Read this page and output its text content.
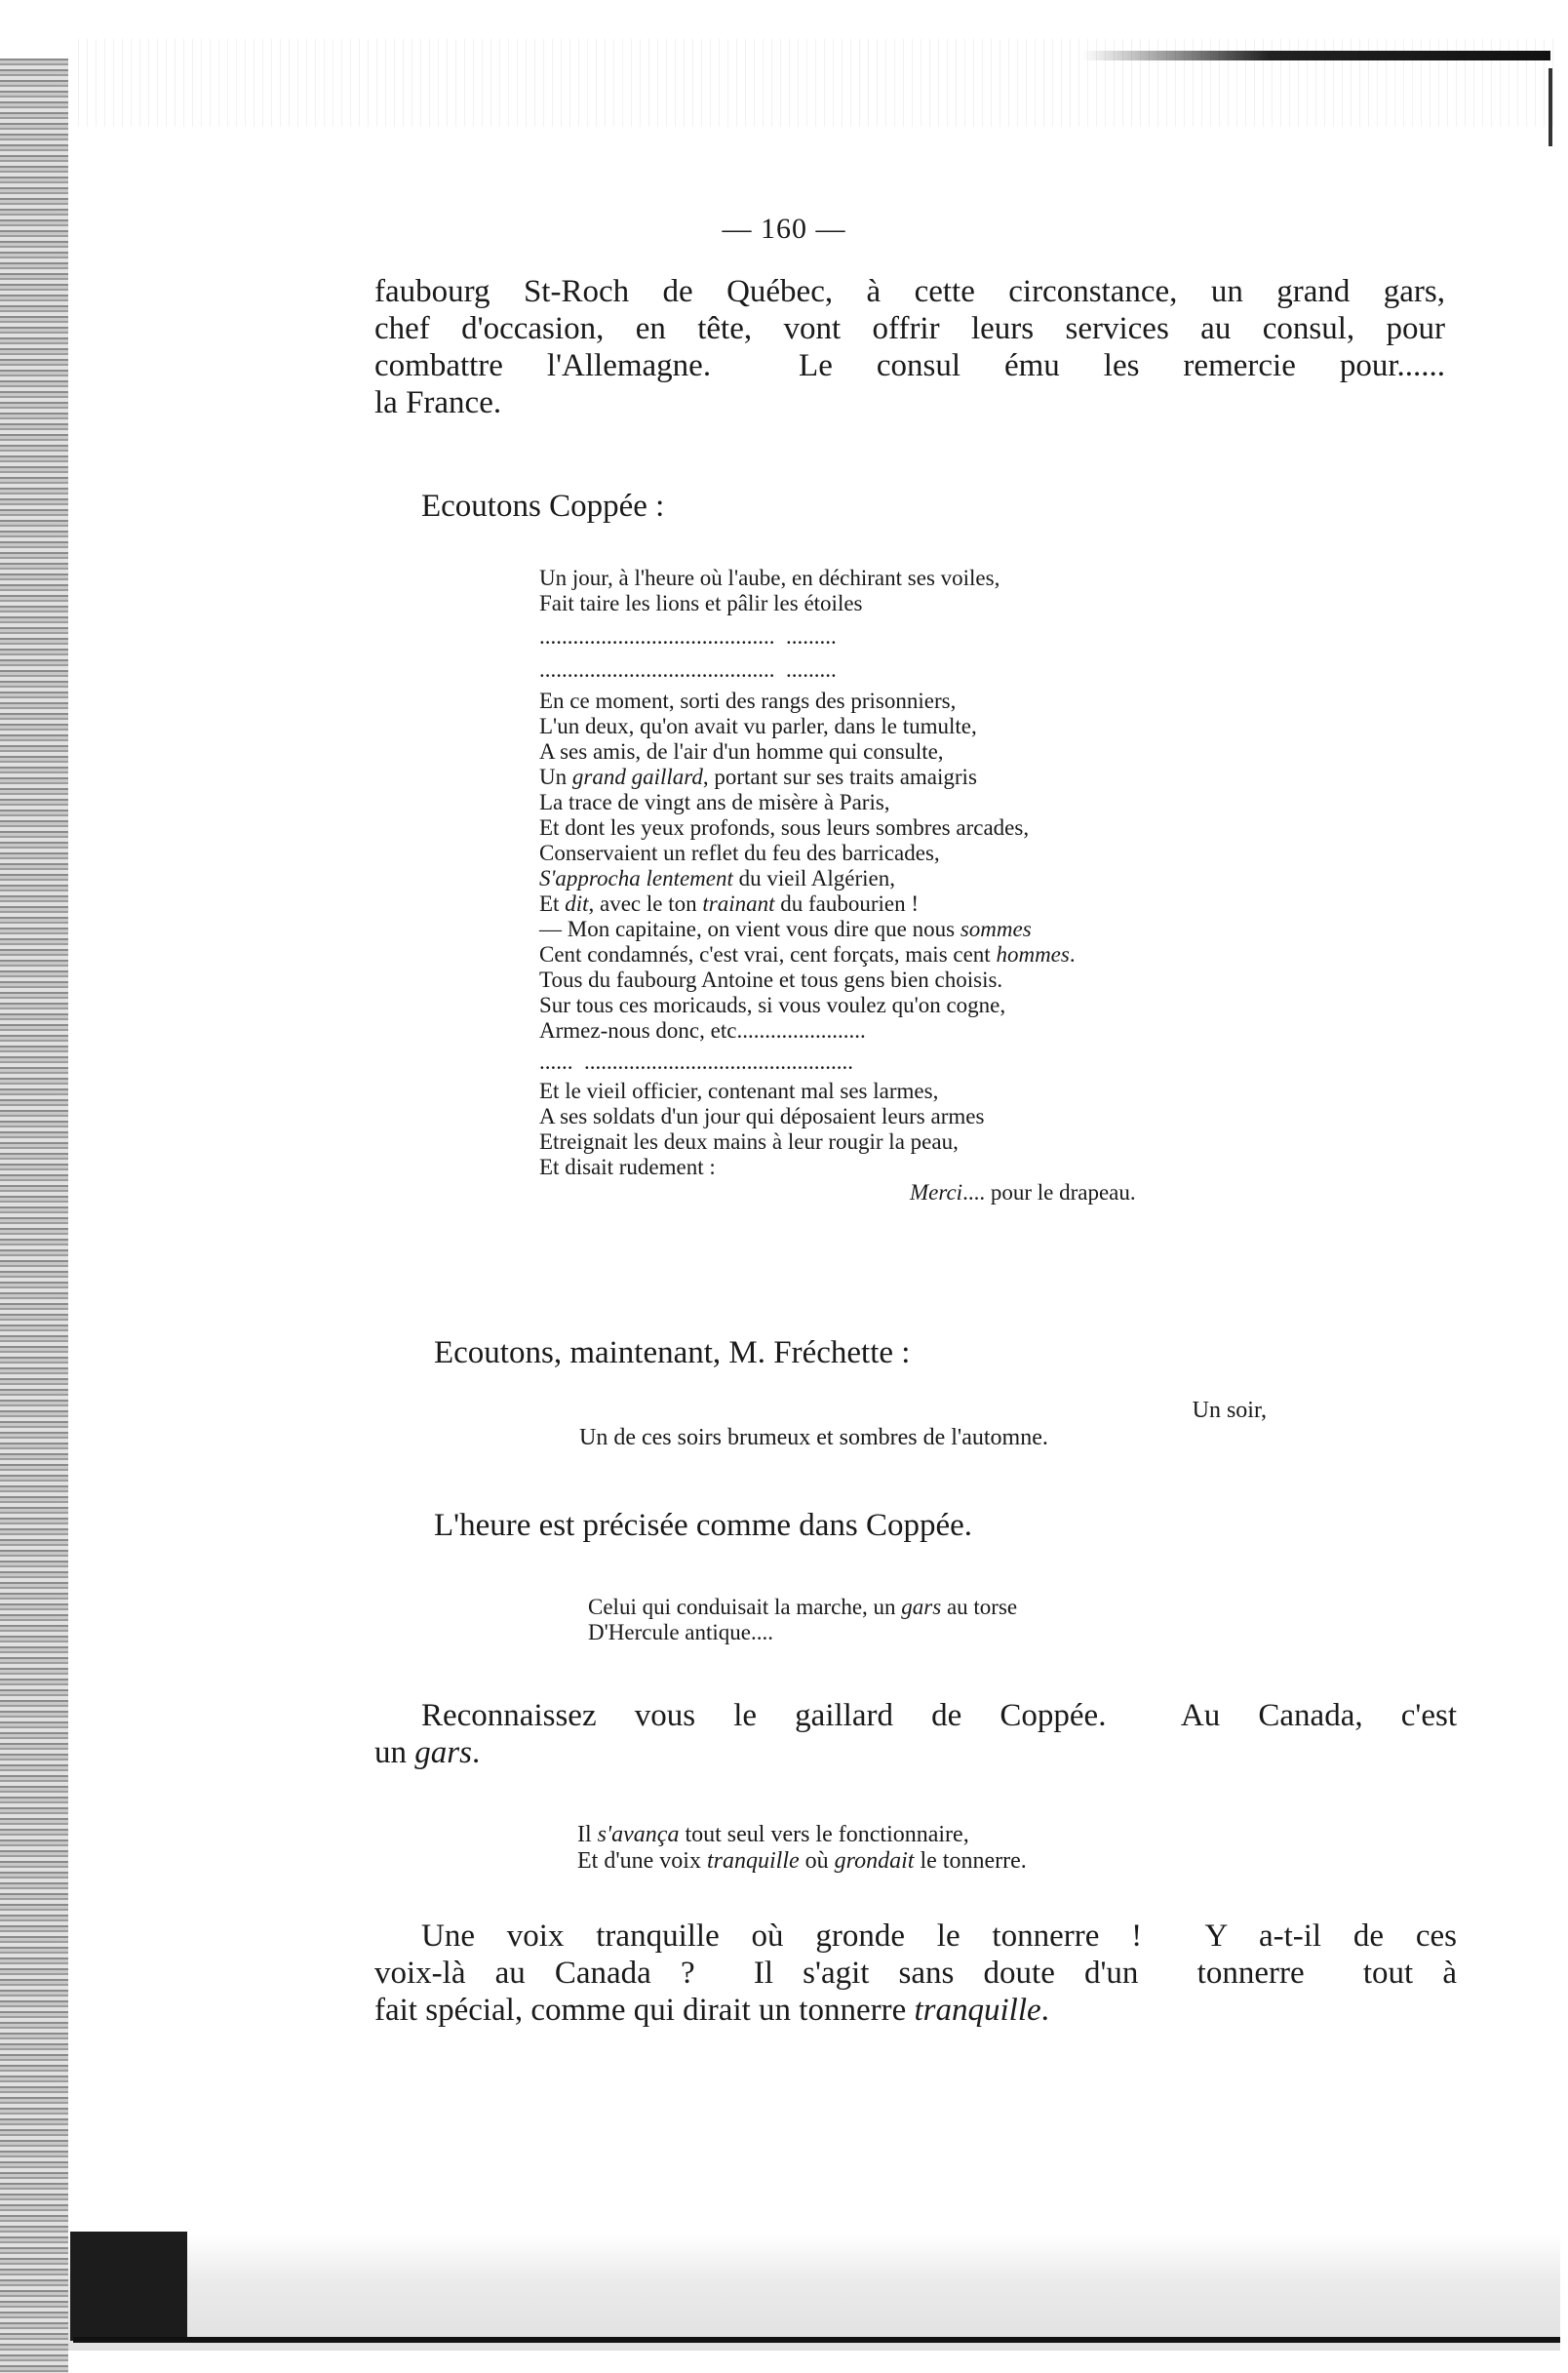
— 160 —
faubourg St-Roch de Québec, à cette circonstance, un grand gars,
chef d'occasion, en tête, vont offrir leurs services au consul, pour
combattre l'Allemagne.  Le consul ému les remercie pour......
la France.
Ecoutons Coppée :
Un jour, à l'heure où l'aube, en déchirant ses voiles,
Fait taire les lions et pâlir les étoiles
..........................................  .........
..........................................  .........
En ce moment, sorti des rangs des prisonniers,
L'un deux, qu'on avait vu parler, dans le tumulte,
A ses amis, de l'air d'un homme qui consulte,
Un grand gaillard, portant sur ses traits amaigris
La trace de vingt ans de misère à Paris,
Et dont les yeux profonds, sous leurs sombres arcades,
Conservaient un reflet du feu des barricades,
S'approcha lentement du vieil Algérien,
Et dit, avec le ton trainant du faubourien !
— Mon capitaine, on vient vous dire que nous sommes
Cent condamnés, c'est vrai, cent forçats, mais cent hommes.
Tous du faubourg Antoine et tous gens bien choisis.
Sur tous ces moricauds, si vous voulez qu'on cogne,
Armez-nous donc, etc.......................
......  ................................................
Et le vieil officier, contenant mal ses larmes,
A ses soldats d'un jour qui déposaient leurs armes
Etreignait les deux mains à leur rougir la peau,
Et disait rudement :
Merci.... pour le drapeau.
Ecoutons, maintenant, M. Fréchette :
Un soir,
Un de ces soirs brumeux et sombres de l'automne.
L'heure est précisée comme dans Coppée.
Celui qui conduisait la marche, un gars au torse
D'Hercule antique....
Reconnaissez vous le gaillard de Coppée.  Au Canada, c'est
un gars.
Il s'avança tout seul vers le fonctionnaire,
Et d'une voix tranquille où grondait le tonnerre.
Une voix tranquille où gronde le tonnerre !  Y a-t-il de ces
voix-là au Canada ?  Il s'agit sans doute d'un  tonnerre  tout à
fait spécial, comme qui dirait un tonnerre tranquille.
